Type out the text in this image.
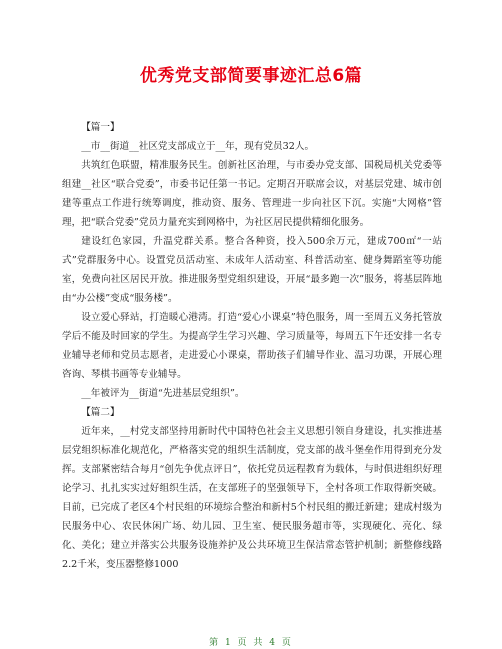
优秀党支部简要事迹汇总6篇

【篇一】

__市__街道__社区党支部成立于__年，现有党员32人。

共筑红色联盟，精准服务民生。创新社区治理，与市委办党支部、国税局机关党委等组建__社区“联合党委”，市委书记任第一书记。定期召开联席会议，对基层党建、城市创建等重点工作进行统筹调度，推动资、服务、管理进一步向社区下沉。实施“大网格”管理，把“联合党委”党员力量充实到网格中，为社区居民提供精细化服务。

建设红色家园，升温党群关系。整合各种资，投入500余万元，建成700㎡“一站式”党群服务中心。设置党员活动室、未成年人活动室、科普活动室、健身舞蹈室等功能室，免费向社区居民开放。推进服务型党组织建设，开展“最多跑一次”服务，将基层阵地由“办公楼”变成“服务楼”。

设立爱心驿站，打造暖心港湾。打造“爱心小课桌”特色服务，周一至周五义务托管放学后不能及时回家的学生。为提高学生学习兴趣、学习质量等，每周五下午还安排一名专业辅导老师和党员志愿者，走进爱心小课桌，帮助孩子们辅导作业、温习功课，开展心理咨询、琴棋书画等专业辅导。

__年被评为__街道“先进基层党组织”。

【篇二】

近年来，__村党支部坚持用新时代中国特色社会主义思想引领自身建设，扎实推进基层党组织标准化规范化，严格落实党的组织生活制度，党支部的战斗堡垒作用得到充分发挥。支部紧密结合每月“创先争优点评日”，依托党员远程教育为载体，与时俱进组织好理论学习、扎扎实实过好组织生活，在支部班子的坚强领导下，全村各项工作取得新突破。目前，已完成了老区4个村民组的环境综合整治和新村5个村民组的搬迁新建；建成村级为民服务中心、农民休闲广场、幼儿园、卫生室、便民服务超市等，实现硬化、亮化、绿化、美化；建立并落实公共服务设施养护及公共环境卫生保洁常态管护机制；新整修线路2.2千米，变压器整修1000

第 1 页 共 4 页
